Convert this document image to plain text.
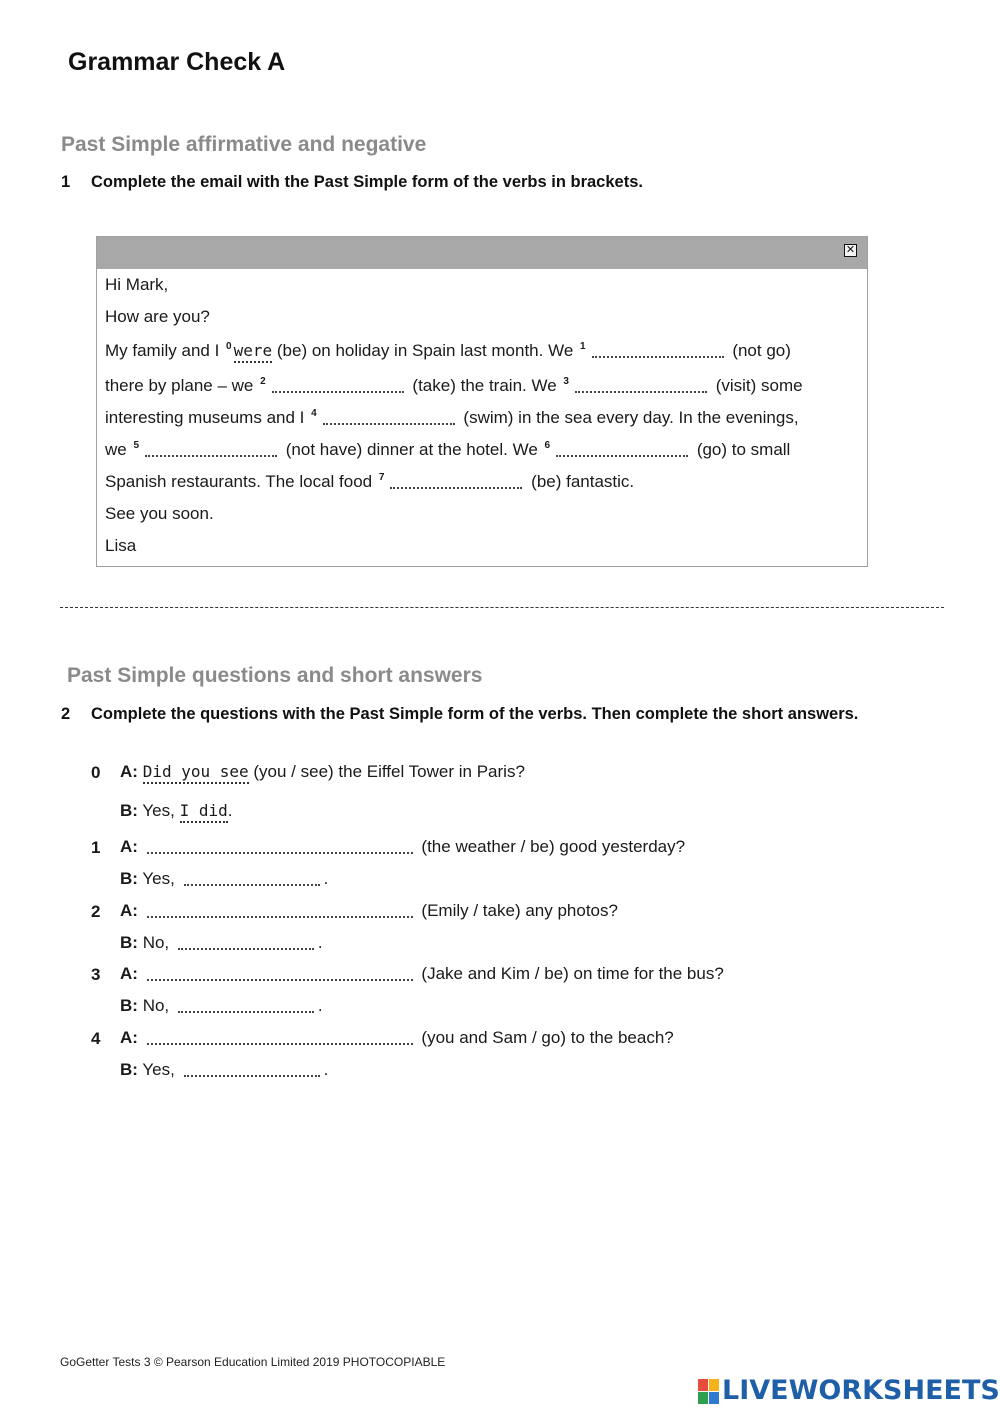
Grammar Check A
Past Simple affirmative and negative
1 Complete the email with the Past Simple form of the verbs in brackets.
✕
Hi Mark,
How are you?
My family and I $^0$ were (be) on holiday in Spain last month. We $^1$	(not go)
there by plane – we $^2$	(take) the train. We $^3$	(visit) some
interesting museums and I $^4$	(swim) in the sea every day. In the evenings,
we $^5$	(not have) dinner at the hotel. We $^6$	(go) to small
Spanish restaurants. The local food $^7$	(be) fantastic.
See you soon.
Lisa
Past Simple questions and short answers
2 Complete the questions with the Past Simple form of the verbs. Then complete the short answers.
0 A: Did you see (you / see) the Eiffel Tower in Paris?
B: Yes, I did.
1 A:	(the weather / be) good yesterday?
B: Yes,	.
2 A:	(Emily / take) any photos?
B: No,	.
3 A:	(Jake and Kim / be) on time for the bus?
B: No,	.
4 A:	(you and Sam / go) to the beach?
B: Yes,	.
GoGetter Tests 3 © Pearson Education Limited 2019 PHOTOCOPIABLE
LIVEWORKSHEETS
